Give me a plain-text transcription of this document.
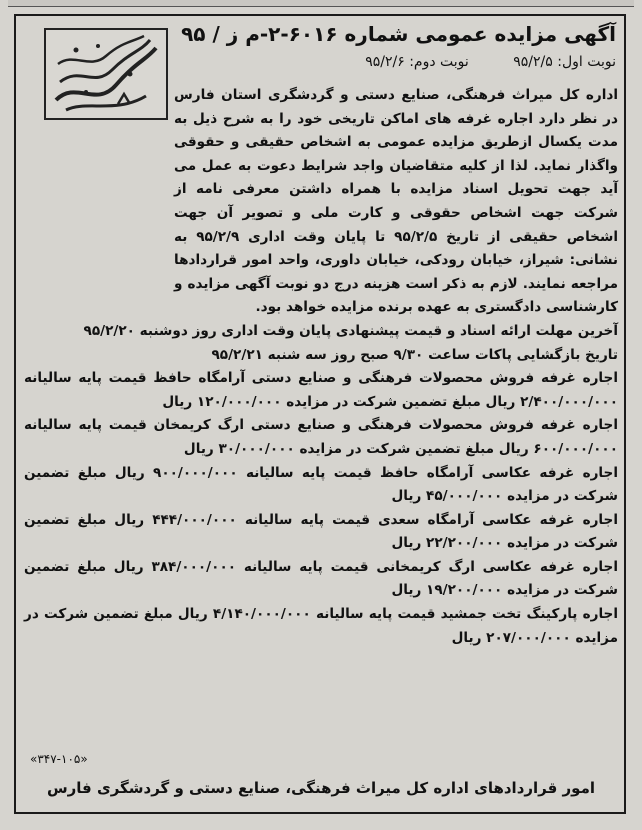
آگهی مزایده عمومی شماره ۶۰۱۶-۲-م ز / ۹۵
نوبت اول: ۹۵/۲/۵ نوبت دوم: ۹۵/۲/۶

اداره کل میراث فرهنگی، صنایع دستی و گردشگری استان فارس در نظر دارد اجاره غرفه های اماکن تاریخی خود را به شرح ذیل به مدت یکسال ازطریق مزایده عمومی به اشخاص حقیقی و حقوقی واگذار نماید. لذا از کلیه متقاضیان واجد شرایط دعوت به عمل می آید جهت تحویل اسناد مزایده با همراه داشتن معرفی نامه از شرکت جهت اشخاص حقوقی و کارت ملی و تصویر آن جهت اشخاص حقیقی از تاریخ ۹۵/۲/۵ تا پایان وقت اداری ۹۵/۲/۹ به نشانی: شیراز، خیابان رودکی، خیابان داوری، واحد امور قراردادها مراجعه نمایند. لازم به ذکر است هزینه درج دو نوبت آگهی مزایده و کارشناسی دادگستری به عهده برنده مزایده خواهد بود.

آخرین مهلت ارائه اسناد و قیمت پیشنهادی پایان وقت اداری روز دوشنبه ۹۵/۲/۲۰

تاریخ بازگشایی پاکات ساعت ۹/۳۰ صبح روز سه شنبه ۹۵/۲/۲۱

اجاره غرفه فروش محصولات فرهنگی و صنایع دستی آرامگاه حافظ قیمت پایه سالیانه ۲/۴۰۰/۰۰۰/۰۰۰ ریال مبلغ تضمین شرکت در مزایده ۱۲۰/۰۰۰/۰۰۰ ریال

اجاره غرفه فروش محصولات فرهنگی و صنایع دستی ارگ کریمخان قیمت پایه سالیانه ۶۰۰/۰۰۰/۰۰۰ ریال مبلغ تضمین شرکت در مزایده ۳۰/۰۰۰/۰۰۰ ریال

اجاره غرفه عکاسی آرامگاه حافظ قیمت پایه سالیانه ۹۰۰/۰۰۰/۰۰۰ ریال مبلغ تضمین شرکت در مزایده ۴۵/۰۰۰/۰۰۰ ریال

اجاره غرفه عکاسی آرامگاه سعدی قیمت پایه سالیانه ۴۴۴/۰۰۰/۰۰۰ ریال مبلغ تضمین شرکت در مزایده ۲۲/۲۰۰/۰۰۰ ریال

اجاره غرفه عکاسی ارگ کریمخانی قیمت پایه سالیانه ۳۸۴/۰۰۰/۰۰۰ ریال مبلغ تضمین شرکت در مزایده ۱۹/۲۰۰/۰۰۰ ریال

اجاره پارکینگ تخت جمشید قیمت پایه سالیانه ۴/۱۴۰/۰۰۰/۰۰۰ ریال مبلغ تضمین شرکت در مزایده ۲۰۷/۰۰۰/۰۰۰ ریال

«۳۴۷-۱۰۵»
امور قراردادهای اداره کل میراث فرهنگی، صنایع دستی و گردشگری فارس
